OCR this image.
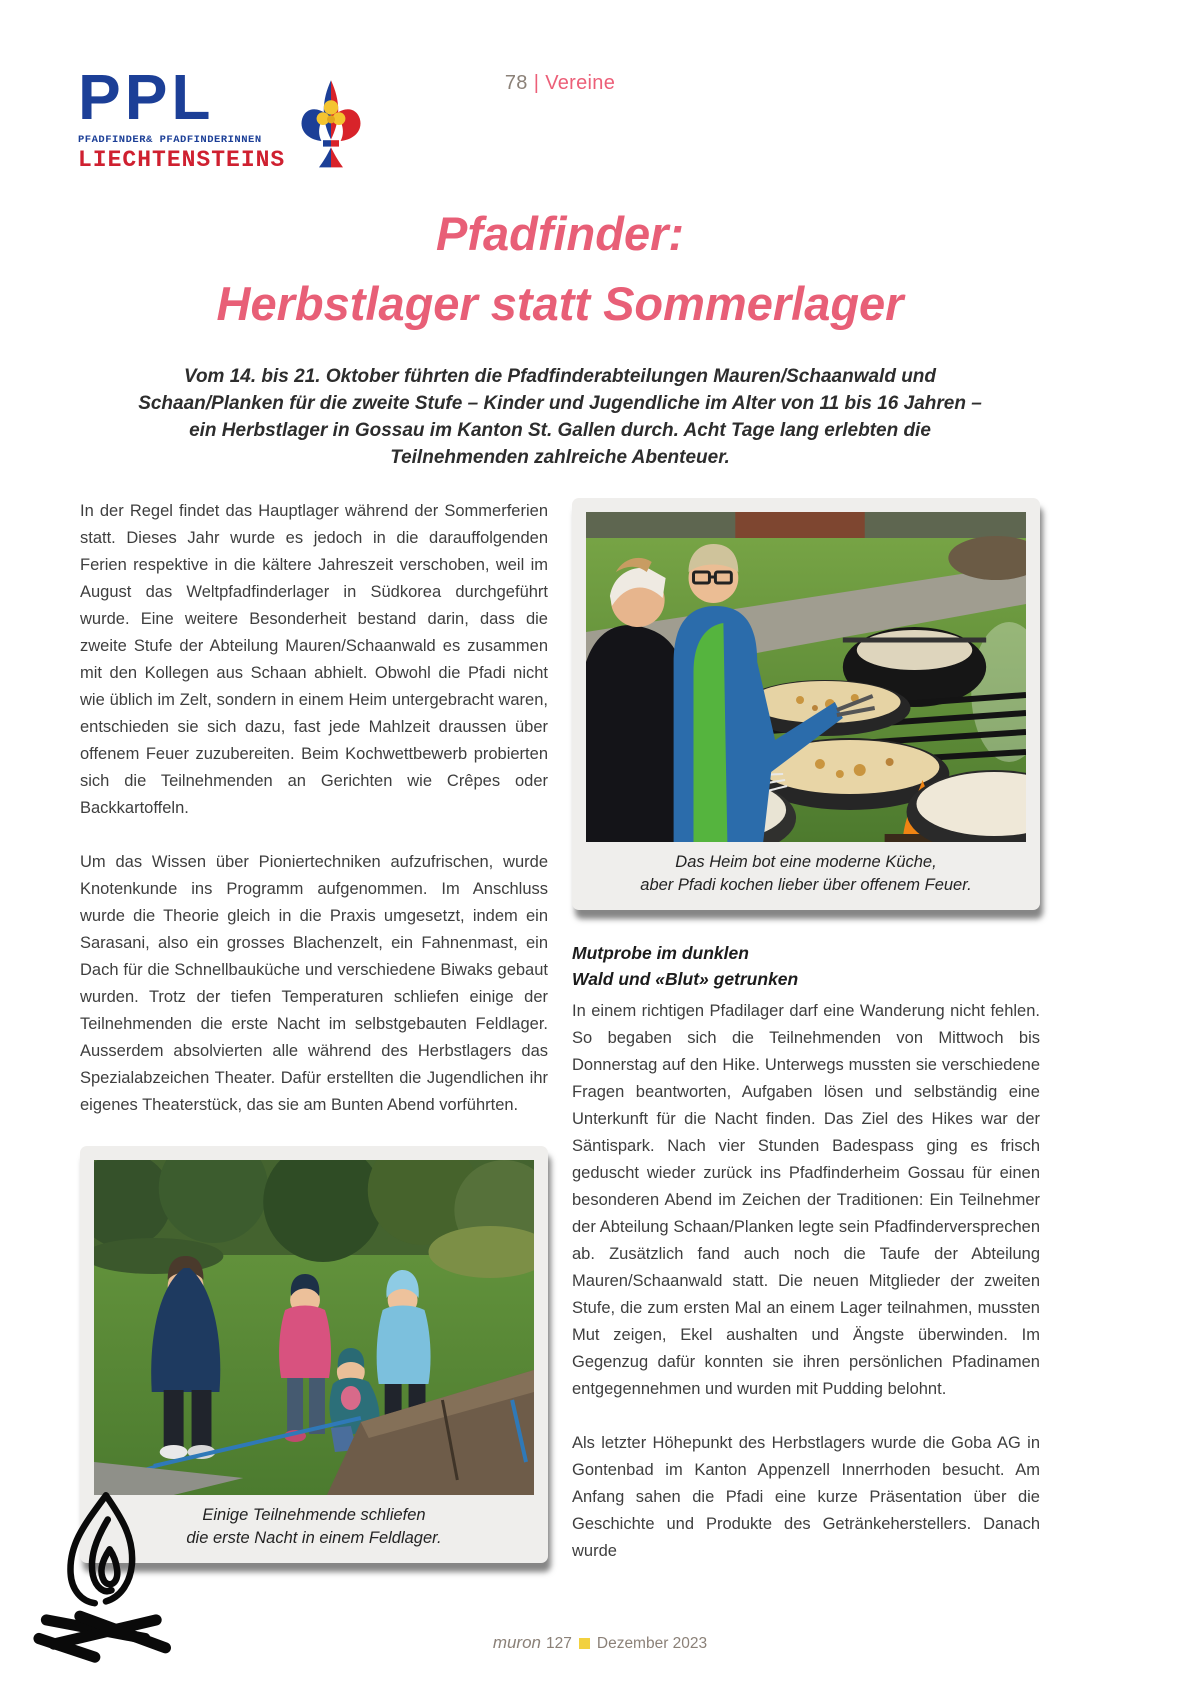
PPL
PFADFINDER& PFADFINDERINNEN
LIECHTENSTEINS
78 | Vereine
Pfadfinder:
Herbstlager statt Sommerlager

Vom 14. bis 21. Oktober führten die Pfadfinderabteilungen Mauren/Schaanwald und Schaan/Planken für die zweite Stufe – Kinder und Jugendliche im Alter von 11 bis 16 Jahren – ein Herbstlager in Gossau im Kanton St. Gallen durch. Acht Tage lang erlebten die Teilnehmenden zahlreiche Abenteuer.

In der Regel findet das Hauptlager während der Sommerferien statt. Dieses Jahr wurde es jedoch in die darauffolgenden Ferien respektive in die kältere Jahreszeit verschoben, weil im August das Weltpfadfinderlager in Südkorea durchgeführt wurde. Eine weitere Besonderheit bestand darin, dass die zweite Stufe der Abteilung Mauren/Schaanwald es zusammen mit den Kollegen aus Schaan abhielt. Obwohl die Pfadi nicht wie üblich im Zelt, sondern in einem Heim untergebracht waren, entschieden sie sich dazu, fast jede Mahlzeit draussen über offenem Feuer zuzubereiten. Beim Kochwettbewerb probierten sich die Teilnehmenden an Gerichten wie Crêpes oder Backkartoffeln.

Um das Wissen über Pioniertechniken aufzufrischen, wurde Knotenkunde ins Programm aufgenommen. Im Anschluss wurde die Theorie gleich in die Praxis umgesetzt, indem ein Sarasani, also ein grosses Blachenzelt, ein Fahnenmast, ein Dach für die Schnellbauküche und verschiedene Biwaks gebaut wurden. Trotz der tiefen Temperaturen schliefen einige der Teilnehmenden die erste Nacht im selbstgebauten Feldlager. Ausserdem absolvierten alle während des Herbstlagers das Spezialabzeichen Theater. Dafür erstellten die Jugendlichen ihr eigenes Theaterstück, das sie am Bunten Abend vorführten.

Einige Teilnehmende schliefen
die erste Nacht in einem Feldlager.
Das Heim bot eine moderne Küche,
aber Pfadi kochen lieber über offenem Feuer.
Mutprobe im dunklen
Wald und «Blut» getrunken

In einem richtigen Pfadilager darf eine Wanderung nicht fehlen. So begaben sich die Teilnehmenden von Mittwoch bis Donnerstag auf den Hike. Unterwegs mussten sie verschiedene Fragen beantworten, Aufgaben lösen und selbständig eine Unterkunft für die Nacht finden. Das Ziel des Hikes war der Säntispark. Nach vier Stunden Badespass ging es frisch geduscht wieder zurück ins Pfadfinderheim Gossau für einen besonderen Abend im Zeichen der Traditionen: Ein Teilnehmer der Abteilung Schaan/Planken legte sein Pfadfinderversprechen ab. Zusätzlich fand auch noch die Taufe der Abteilung Mauren/Schaanwald statt. Die neuen Mitglieder der zweiten Stufe, die zum ersten Mal an einem Lager teilnahmen, mussten Mut zeigen, Ekel aushalten und Ängste überwinden. Im Gegenzug dafür konnten sie ihren persönlichen Pfadinamen entgegennehmen und wurden mit Pudding belohnt.

Als letzter Höhepunkt des Herbstlagers wurde die Goba AG in Gontenbad im Kanton Appenzell Innerrhoden besucht. Am Anfang sahen die Pfadi eine kurze Präsentation über die Geschichte und Produkte des Getränkeherstellers. Danach wurde

muron 127 Dezember 2023
